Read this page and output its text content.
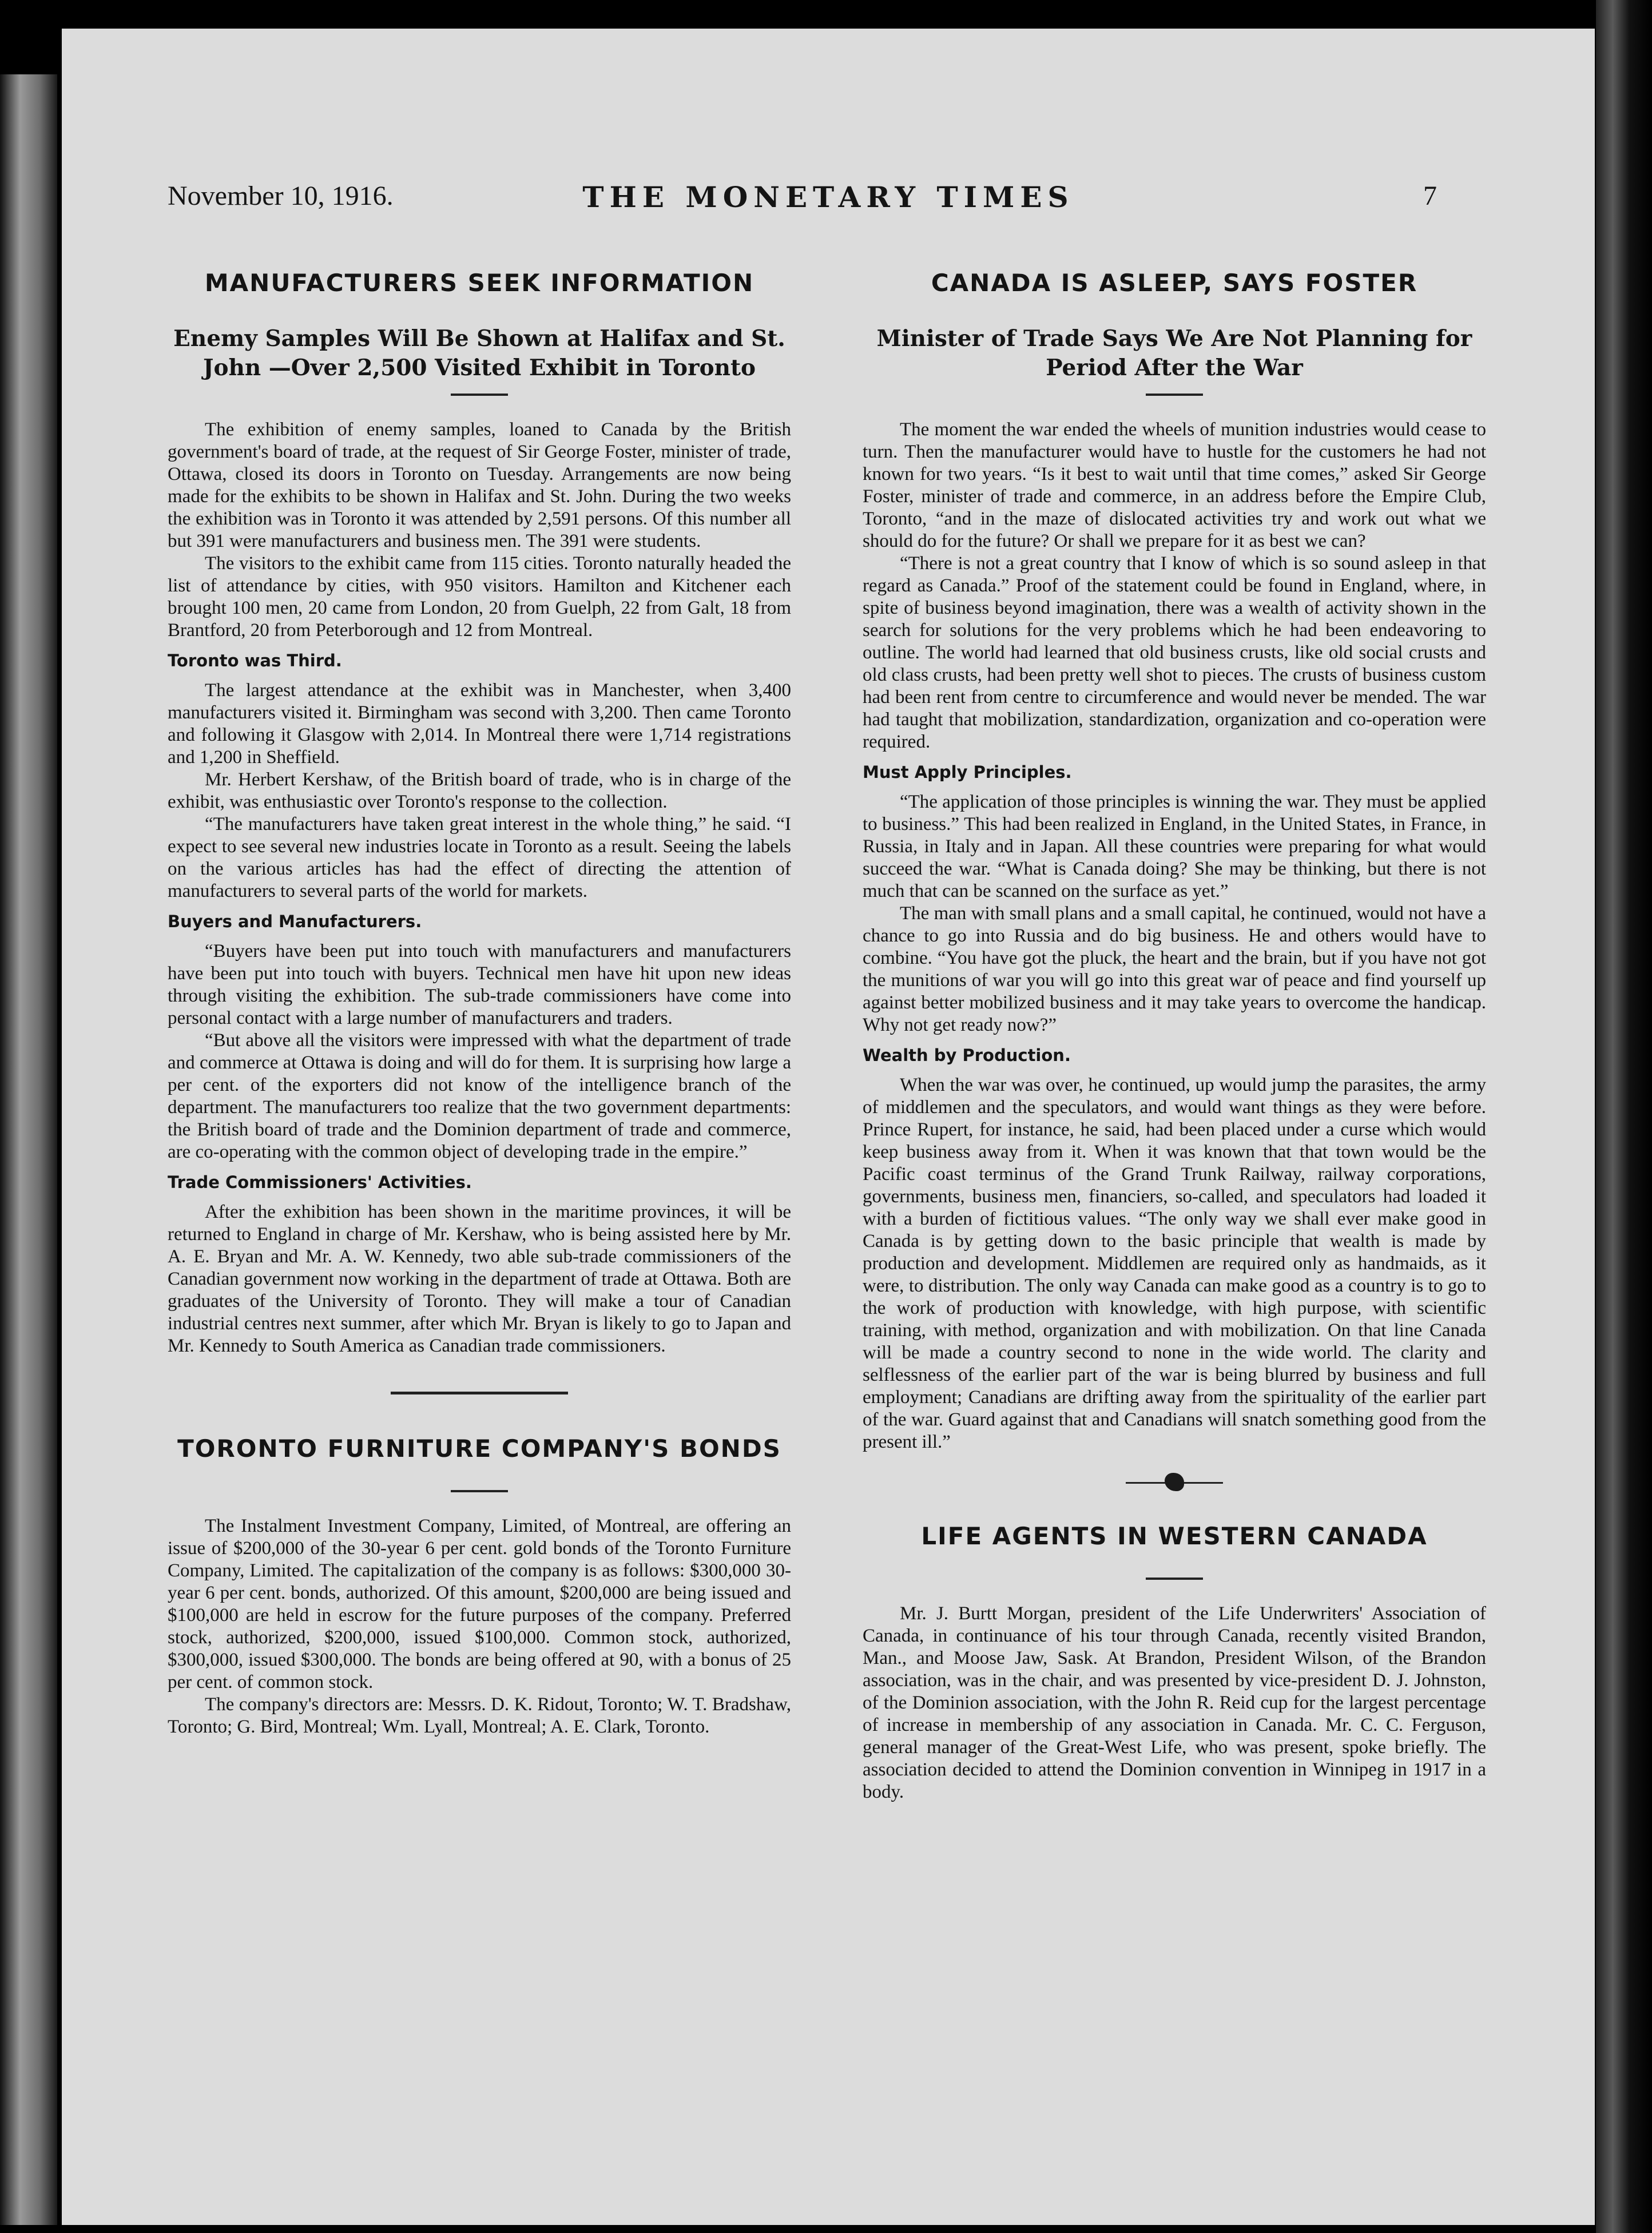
November 10, 1916.	THE MONETARY TIMES	7
MANUFACTURERS SEEK INFORMATION
Enemy Samples Will Be Shown at Halifax and St. John —Over 2,500 Visited Exhibit in Toronto

The exhibition of enemy samples, loaned to Canada by the British government's board of trade, at the request of Sir George Foster, minister of trade, Ottawa, closed its doors in Toronto on Tuesday. Arrangements are now being made for the exhibits to be shown in Halifax and St. John. During the two weeks the exhibition was in Toronto it was attended by 2,591 persons. Of this number all but 391 were manufacturers and business men. The 391 were students.

The visitors to the exhibit came from 115 cities. Toronto naturally headed the list of attendance by cities, with 950 visitors. Hamilton and Kitchener each brought 100 men, 20 came from London, 20 from Guelph, 22 from Galt, 18 from Brantford, 20 from Peterborough and 12 from Montreal.

Toronto was Third.

The largest attendance at the exhibit was in Manchester, when 3,400 manufacturers visited it. Birmingham was second with 3,200. Then came Toronto and following it Glasgow with 2,014. In Montreal there were 1,714 registrations and 1,200 in Sheffield.

Mr. Herbert Kershaw, of the British board of trade, who is in charge of the exhibit, was enthusiastic over Toronto's response to the collection.

“The manufacturers have taken great interest in the whole thing,” he said. “I expect to see several new industries locate in Toronto as a result. Seeing the labels on the various articles has had the effect of directing the attention of manufacturers to several parts of the world for markets.

Buyers and Manufacturers.

“Buyers have been put into touch with manufacturers and manufacturers have been put into touch with buyers. Technical men have hit upon new ideas through visiting the exhibition. The sub-trade commissioners have come into personal contact with a large number of manufacturers and traders.

“But above all the visitors were impressed with what the department of trade and commerce at Ottawa is doing and will do for them. It is surprising how large a per cent. of the exporters did not know of the intelligence branch of the department. The manufacturers too realize that the two government departments: the British board of trade and the Dominion department of trade and commerce, are co-operating with the common object of developing trade in the empire.”

Trade Commissioners' Activities.

After the exhibition has been shown in the maritime provinces, it will be returned to England in charge of Mr. Kershaw, who is being assisted here by Mr. A. E. Bryan and Mr. A. W. Kennedy, two able sub-trade commissioners of the Canadian government now working in the department of trade at Ottawa. Both are graduates of the University of Toronto. They will make a tour of Canadian industrial centres next summer, after which Mr. Bryan is likely to go to Japan and Mr. Kennedy to South America as Canadian trade commissioners.

TORONTO FURNITURE COMPANY'S BONDS

The Instalment Investment Company, Limited, of Montreal, are offering an issue of $200,000 of the 30-year 6 per cent. gold bonds of the Toronto Furniture Company, Limited. The capitalization of the company is as follows: $300,000 30-year 6 per cent. bonds, authorized. Of this amount, $200,000 are being issued and $100,000 are held in escrow for the future purposes of the company. Preferred stock, authorized, $200,000, issued $100,000. Common stock, authorized, $300,000, issued $300,000. The bonds are being offered at 90, with a bonus of 25 per cent. of common stock.

The company's directors are: Messrs. D. K. Ridout, Toronto; W. T. Bradshaw, Toronto; G. Bird, Montreal; Wm. Lyall, Montreal; A. E. Clark, Toronto.

CANADA IS ASLEEP, SAYS FOSTER
Minister of Trade Says We Are Not Planning for Period After the War

The moment the war ended the wheels of munition industries would cease to turn. Then the manufacturer would have to hustle for the customers he had not known for two years. “Is it best to wait until that time comes,” asked Sir George Foster, minister of trade and commerce, in an address before the Empire Club, Toronto, “and in the maze of dislocated activities try and work out what we should do for the future? Or shall we prepare for it as best we can?

“There is not a great country that I know of which is so sound asleep in that regard as Canada.” Proof of the statement could be found in England, where, in spite of business beyond imagination, there was a wealth of activity shown in the search for solutions for the very problems which he had been endeavoring to outline. The world had learned that old business crusts, like old social crusts and old class crusts, had been pretty well shot to pieces. The crusts of business custom had been rent from centre to circumference and would never be mended. The war had taught that mobilization, standardization, organization and co-operation were required.

Must Apply Principles.

“The application of those principles is winning the war. They must be applied to business.” This had been realized in England, in the United States, in France, in Russia, in Italy and in Japan. All these countries were preparing for what would succeed the war. “What is Canada doing? She may be thinking, but there is not much that can be scanned on the surface as yet.”

The man with small plans and a small capital, he continued, would not have a chance to go into Russia and do big business. He and others would have to combine. “You have got the pluck, the heart and the brain, but if you have not got the munitions of war you will go into this great war of peace and find yourself up against better mobilized business and it may take years to overcome the handicap. Why not get ready now?”

Wealth by Production.

When the war was over, he continued, up would jump the parasites, the army of middlemen and the speculators, and would want things as they were before. Prince Rupert, for instance, he said, had been placed under a curse which would keep business away from it. When it was known that that town would be the Pacific coast terminus of the Grand Trunk Railway, railway corporations, governments, business men, financiers, so-called, and speculators had loaded it with a burden of fictitious values. “The only way we shall ever make good in Canada is by getting down to the basic principle that wealth is made by production and development. Middlemen are required only as handmaids, as it were, to distribution. The only way Canada can make good as a country is to go to the work of production with knowledge, with high purpose, with scientific training, with method, organization and with mobilization. On that line Canada will be made a country second to none in the wide world. The clarity and selflessness of the earlier part of the war is being blurred by business and full employment; Canadians are drifting away from the spirituality of the earlier part of the war. Guard against that and Canadians will snatch something good from the present ill.”

LIFE AGENTS IN WESTERN CANADA

Mr. J. Burtt Morgan, president of the Life Underwriters' Association of Canada, in continuance of his tour through Canada, recently visited Brandon, Man., and Moose Jaw, Sask. At Brandon, President Wilson, of the Brandon association, was in the chair, and was presented by vice-president D. J. Johnston, of the Dominion association, with the John R. Reid cup for the largest percentage of increase in membership of any association in Canada. Mr. C. C. Ferguson, general manager of the Great-West Life, who was present, spoke briefly. The association decided to attend the Dominion convention in Winnipeg in 1917 in a body.
